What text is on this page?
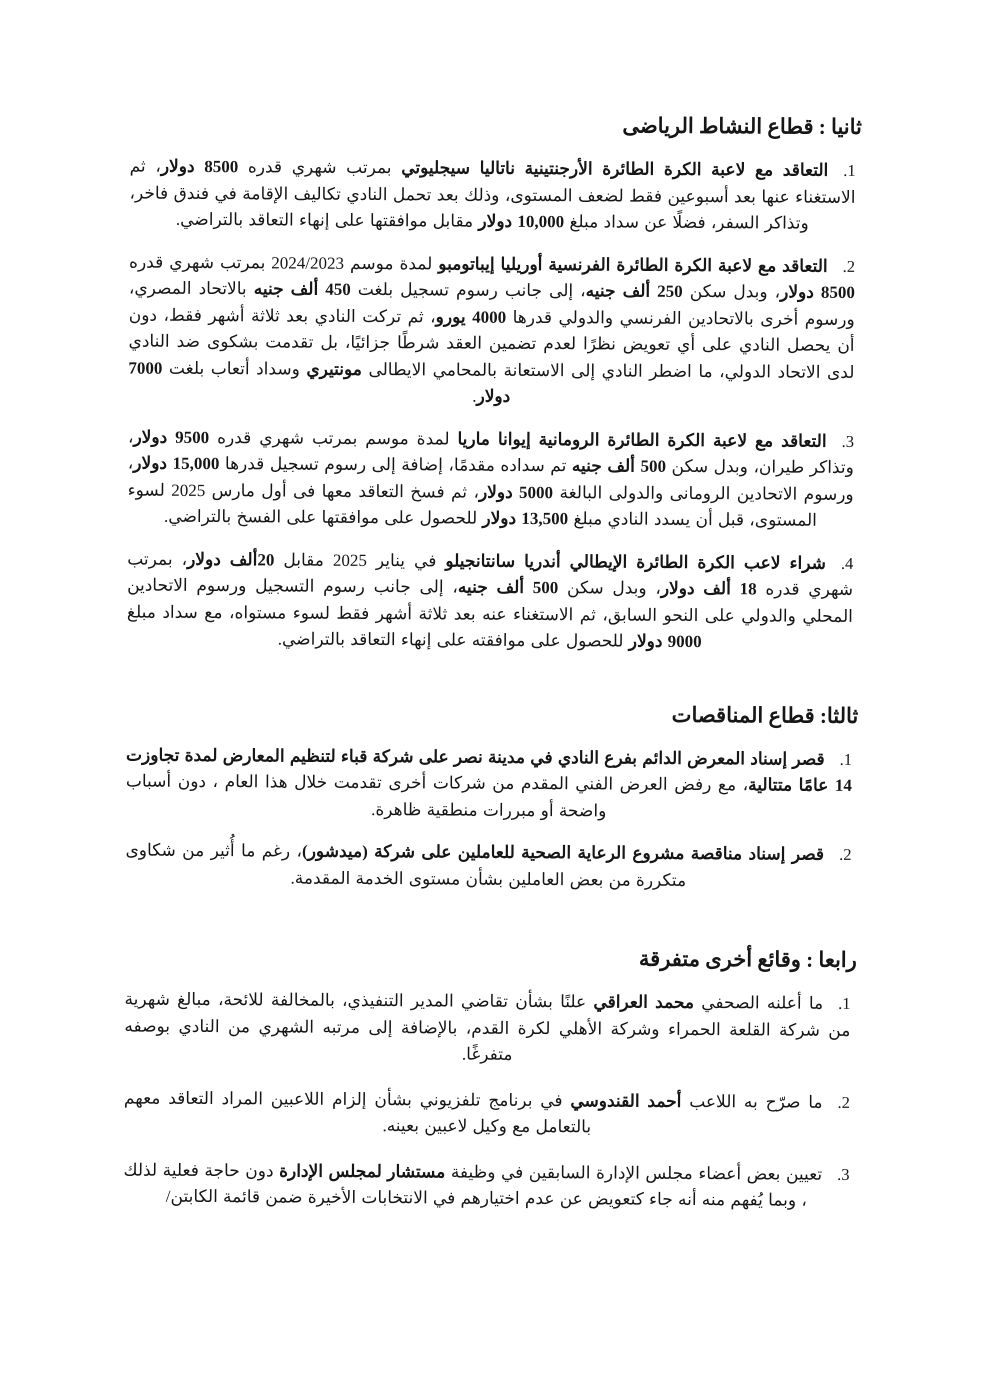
ثانيا : قطاع النشاط الرياضى

.1التعاقد مع لاعبة الكرة الطائرة الأرجنتينية ناتاليا سيجليوتي بمرتب شهري قدره 8500 دولار، ثم الاستغناء عنها بعد أسبوعين فقط لضعف المستوى، وذلك بعد تحمل النادي تكاليف الإقامة في فندق فاخر، وتذاكر السفر، فضلًا عن سداد مبلغ 10,000 دولار مقابل موافقتها على إنهاء التعاقد بالتراضي.

.2التعاقد مع لاعبة الكرة الطائرة الفرنسية أوريليا إيباتومبو لمدة موسم 2024/2023 بمرتب شهري قدره 8500 دولار، وبدل سكن 250 ألف جنيه، إلى جانب رسوم تسجيل بلغت 450 ألف جنيه بالاتحاد المصري، ورسوم أخرى بالاتحادين الفرنسي والدولي قدرها 4000 يورو، ثم تركت النادي بعد ثلاثة أشهر فقط، دون أن يحصل النادي على أي تعويض نظرًا لعدم تضمين العقد شرطًا جزائيًا، بل تقدمت بشكوى ضد النادي لدى الاتحاد الدولي، ما اضطر النادي إلى الاستعانة بالمحامي الايطالى مونتيري وسداد أتعاب بلغت 7000 دولار.

.3التعاقد مع لاعبة الكرة الطائرة الرومانية إيوانا ماريا لمدة موسم بمرتب شهري قدره 9500 دولار، وتذاكر طيران، وبدل سكن 500 ألف جنيه تم سداده مقدمًا، إضافة إلى رسوم تسجيل قدرها 15,000 دولار، ورسوم الاتحادين الرومانى والدولى البالغة 5000 دولار، ثم فسخ التعاقد معها فى أول مارس 2025 لسوء المستوى، قبل أن يسدد النادي مبلغ 13,500 دولار للحصول على موافقتها على الفسخ بالتراضي.

.4شراء لاعب الكرة الطائرة الإيطالي أندريا سانتانجيلو في يناير 2025 مقابل 20ألف دولار، بمرتب شهري قدره 18 ألف دولار، وبدل سكن 500 ألف جنيه، إلى جانب رسوم التسجيل ورسوم الاتحادين المحلي والدولي على النحو السابق، ثم الاستغناء عنه بعد ثلاثة أشهر فقط لسوء مستواه، مع سداد مبلغ 9000 دولار للحصول على موافقته على إنهاء التعاقد بالتراضي.

ثالثا: قطاع المناقصات

.1قصر إسناد المعرض الدائم بفرع النادي في مدينة نصر على شركة قباء لتنظيم المعارض لمدة تجاوزت 14 عامًا متتالية، مع رفض العرض الفني المقدم من شركات أخرى تقدمت خلال هذا العام ، دون أسباب واضحة أو مبررات منطقية ظاهرة.

.2قصر إسناد مناقصة مشروع الرعاية الصحية للعاملين على شركة (ميدشور)، رغم ما أُثير من شكاوى متكررة من بعض العاملين بشأن مستوى الخدمة المقدمة.

رابعا : وقائع أخرى متفرقة

.1ما أعلنه الصحفي محمد العراقي علنًا بشأن تقاضي المدير التنفيذي، بالمخالفة للائحة، مبالغ شهرية من شركة القلعة الحمراء وشركة الأهلي لكرة القدم، بالإضافة إلى مرتبه الشهري من النادي بوصفه متفرغًا.

.2ما صرّح به اللاعب أحمد القندوسي في برنامج تلفزيوني بشأن إلزام اللاعبين المراد التعاقد معهم بالتعامل مع وكيل لاعبين بعينه.

.3تعيين بعض أعضاء مجلس الإدارة السابقين في وظيفة مستشار لمجلس الإدارة دون حاجة فعلية لذلك ، وبما يُفهم منه أنه جاء كتعويض عن عدم اختيارهم في الانتخابات الأخيرة ضمن قائمة الكابتن/
